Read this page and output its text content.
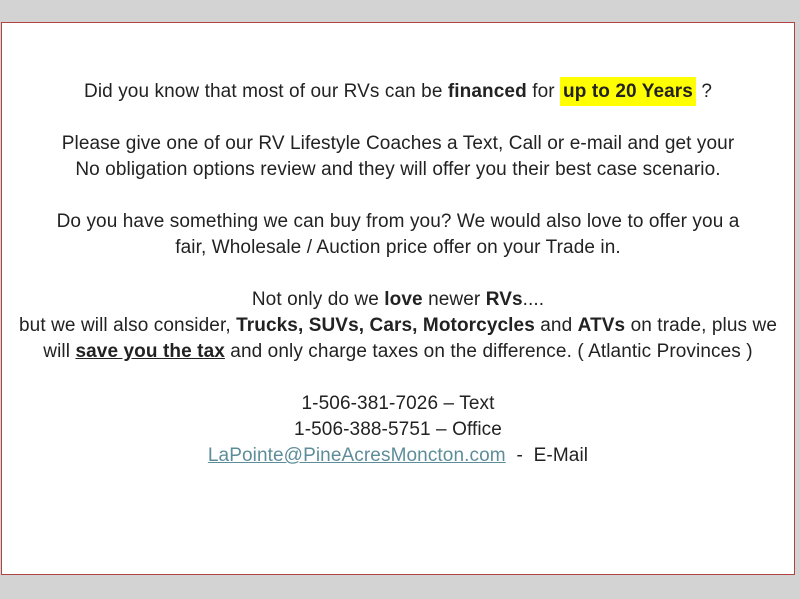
Did you know that most of our RVs can be financed for up to 20 Years ?
Please give one of our RV Lifestyle Coaches a Text, Call or e-mail and get your
No obligation options review and they will offer you their best case scenario.
Do you have something we can buy from you? We would also love to offer you a
fair, Wholesale / Auction price offer on your Trade in.
Not only do we love newer RVs....
but we will also consider, Trucks, SUVs, Cars, Motorcycles and ATVs on trade, plus we
will save you the tax and only charge taxes on the difference. ( Atlantic Provinces )
1-506-381-7026 – Text
1-506-388-5751 – Office
LaPointe@PineAcresMoncton.com  -  E-Mail
